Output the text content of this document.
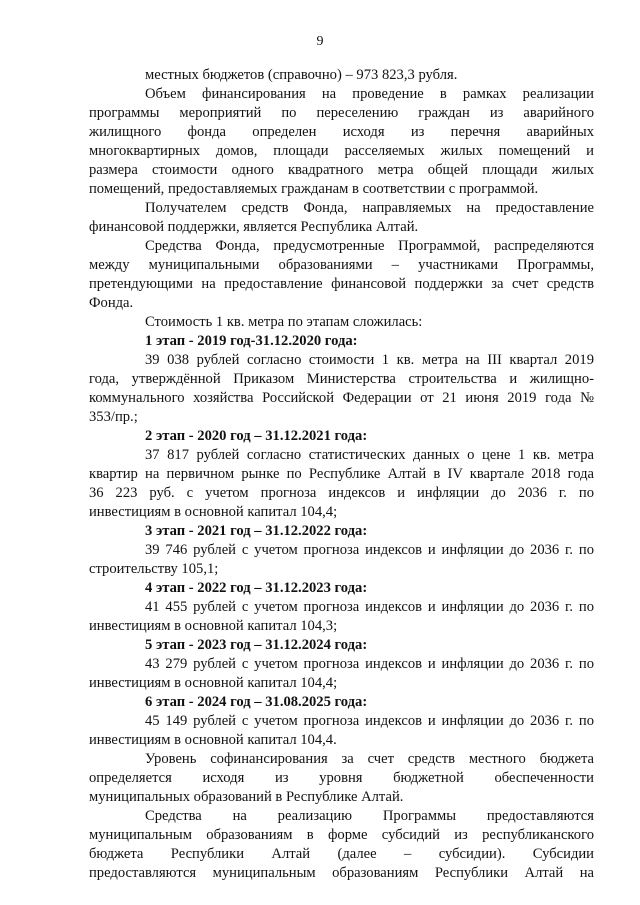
9
местных бюджетов (справочно) – 973 823,3 рубля.
Объем финансирования на проведение в рамках реализации
программы мероприятий по переселению граждан из аварийного
жилищного фонда определен исходя из перечня аварийных
многоквартирных домов, площади расселяемых жилых помещений и
размера стоимости одного квадратного метра общей площади жилых
помещений, предоставляемых гражданам в соответствии с программой.
Получателем средств Фонда, направляемых на предоставление
финансовой поддержки, является Республика Алтай.
Средства Фонда, предусмотренные Программой, распределяются
между муниципальными образованиями – участниками Программы,
претендующими на предоставление финансовой поддержки за счет средств
Фонда.
Стоимость 1 кв. метра по этапам сложилась:
1 этап - 2019 год-31.12.2020 года:
39 038 рублей согласно стоимости 1 кв. метра на III квартал 2019
года, утверждённой Приказом Министерства строительства и жилищно-
коммунального хозяйства Российской Федерации от 21 июня 2019 года №
353/пр.;
2 этап - 2020 год – 31.12.2021 года:
37 817 рублей согласно статистических данных о цене 1 кв. метра
квартир на первичном рынке по Республике Алтай в IV квартале 2018 года
36 223 руб. с учетом прогноза индексов и инфляции до 2036 г. по
инвестициям в основной капитал 104,4;
3 этап - 2021 год – 31.12.2022 года:
39 746 рублей с учетом прогноза индексов и инфляции до 2036 г. по
строительству 105,1;
4 этап - 2022 год – 31.12.2023 года:
41 455 рублей с учетом прогноза индексов и инфляции до 2036 г. по
инвестициям в основной капитал 104,3;
5 этап - 2023 год – 31.12.2024 года:
43 279 рублей с учетом прогноза индексов и инфляции до 2036 г. по
инвестициям в основной капитал 104,4;
6 этап - 2024 год – 31.08.2025 года:
45 149 рублей с учетом прогноза индексов и инфляции до 2036 г. по
инвестициям в основной капитал 104,4.
Уровень софинансирования за счет средств местного бюджета
определяется исходя из уровня бюджетной обеспеченности
муниципальных образований в Республике Алтай.
Средства на реализацию Программы предоставляются
муниципальным образованиям в форме субсидий из республиканского
бюджета Республики Алтай (далее – субсидии). Субсидии
предоставляются муниципальным образованиям Республики Алтай на
